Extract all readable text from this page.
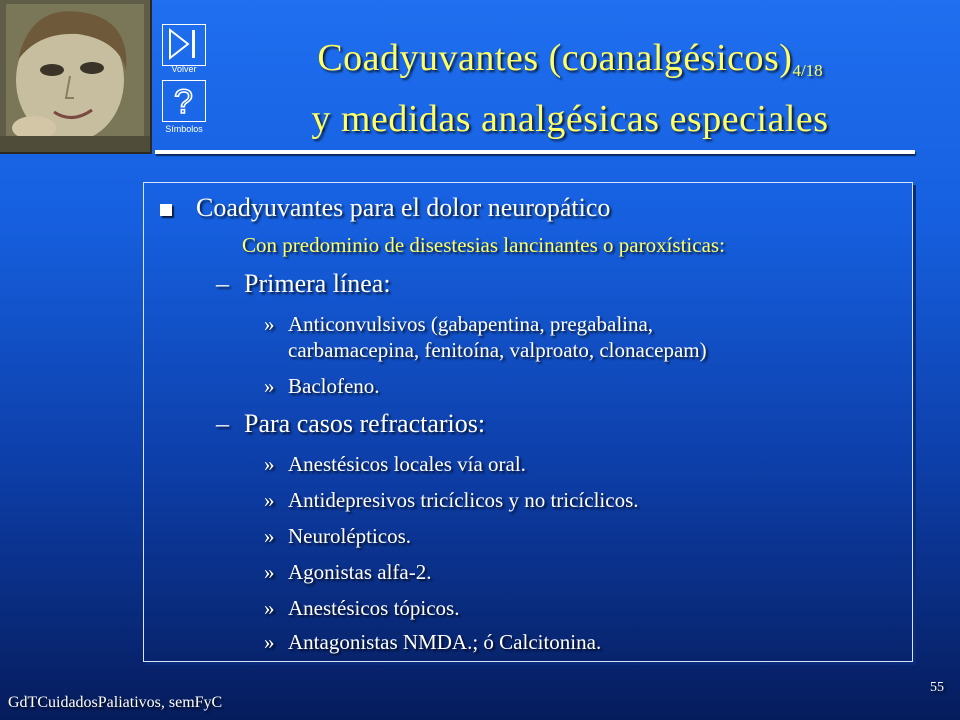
Volver
?
Símbolos
Coadyuvantes $(coanalgésicos)_{4/18}$
y medidas analgésicas especiales
Coadyuvantes para el dolor neuropático
Con predominio de disestesias lancinantes o paroxísticas:
– Primera línea:
» Anticonvulsivos (gabapentina, pregabalina,
carbamacepina, fenitoína, valproato, clonacepam)
» Baclofeno.
– Para casos refractarios:
» Anestésicos locales vía oral.
» Antidepresivos tricíclicos y no tricíclicos.
» Neurolépticos.
» Agonistas alfa-2.
» Anestésicos tópicos.
» Antagonistas NMDA.; ó Calcitonina.
GdTCuidadosPaliativos, semFyC
55
